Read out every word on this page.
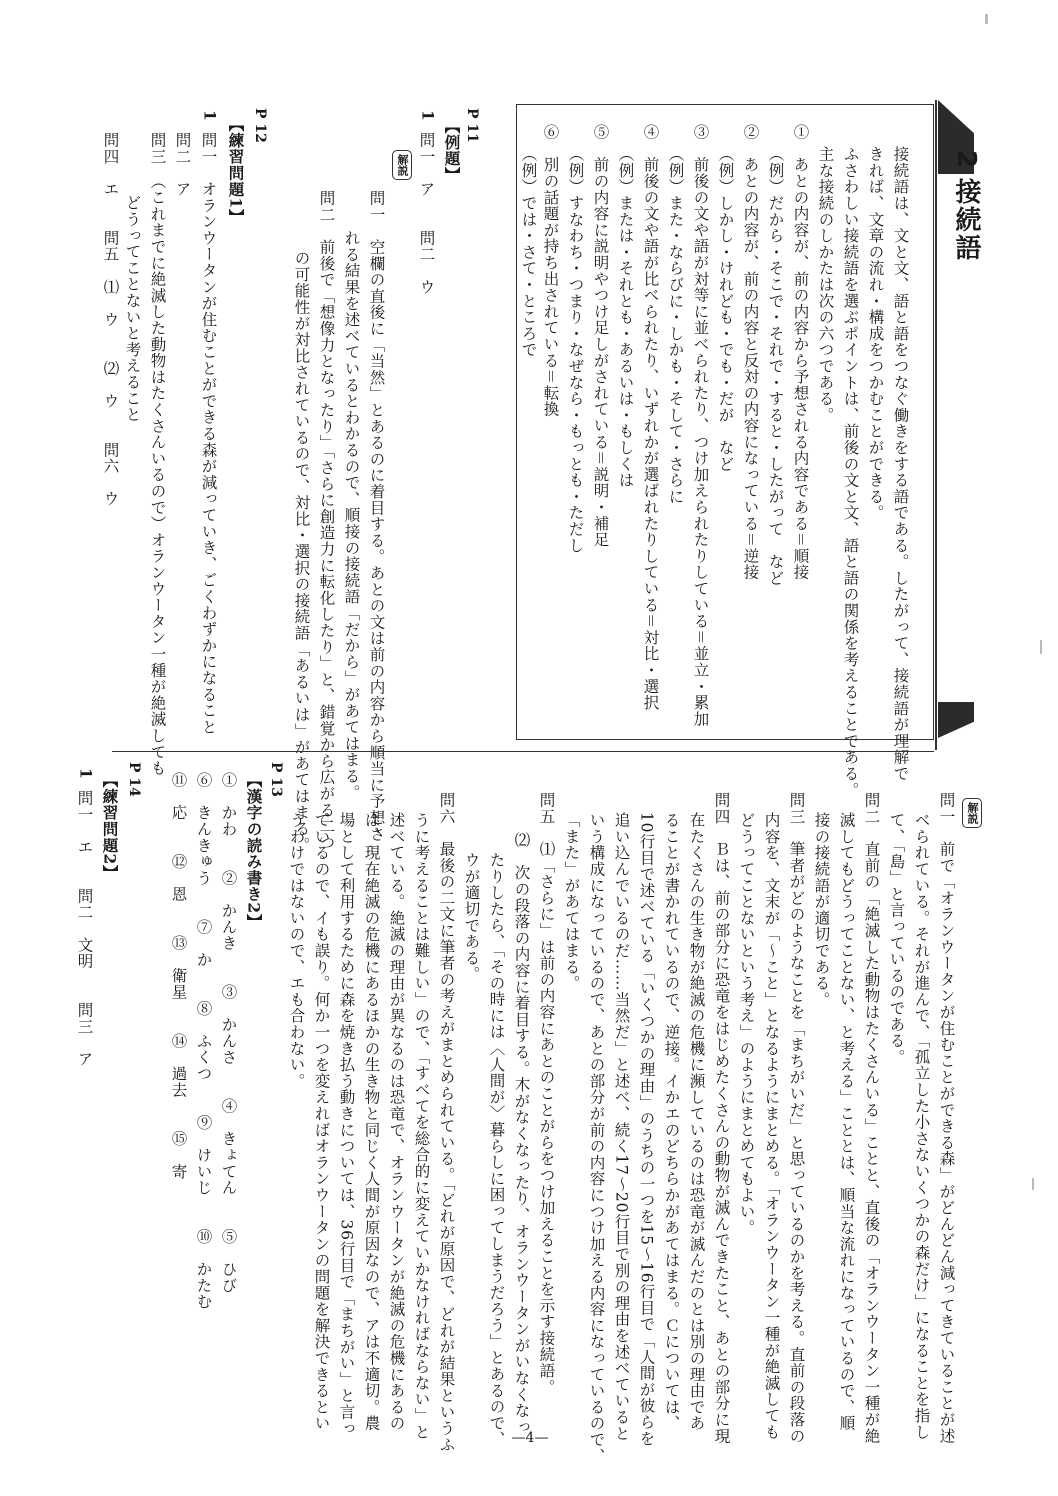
2接続語
接続語は、文と文、語と語をつなぐ働きをする語である。したがって、接続語が理解で
きれば、文章の流れ・構成をつかむことができる。
ふさわしい接続語を選ぶポイントは、前後の文と文、語と語の関係を考えることである。
主な接続のしかたは次の六つである。
①　あとの内容が、前の内容から予想される内容である＝順接
（例）だから・そこで・それで・すると・したがって　など
②　あとの内容が、前の内容と反対の内容になっている＝逆接
（例）しかし・けれども・でも・だが　など
③　前後の文や語が対等に並べられたり、つけ加えられたりしている＝並立・累加
（例）また・ならびに・しかも・そして・さらに
④　前後の文や語が比べられたり、いずれかが選ばれたりしている＝対比・選択
（例）または・それとも・あるいは・もしくは
⑤　前の内容に説明やつけ足しがされている＝説明・補足
（例）すなわち・つまり・なぜなら・もっとも・ただし
⑥　別の話題が持ち出されている＝転換
（例）では・さて・ところで
P 11
【例題】
1
問一　ア　　問二　ウ
解説
問一　空欄の直後に「当然」とあるのに着目する。あとの文は前の内容から順当に予想さ
れる結果を述べているとわかるので、順接の接続語「だから」があてはまる。
問二　前後で「想像力となったり」「さらに創造力に転化したり」と、錯覚から広がる二つ
の可能性が対比されているので、対比・選択の接続語「あるいは」があてはまる。
P 12
【練習問題1】
1
問一　オランウータンが住むことができる森が減っていき、ごくわずかになること
問二　ア
問三　（これまでに絶滅した動物はたくさんいるので）オランウータン一種が絶滅しても
　　どうってことないと考えること
問四　エ　　問五　⑴　ウ　　⑵　ウ　　問六　ウ
解説
問一　前で「オランウータンが住むことができる森」がどんどん減ってきていることが述
べられている。それが進んで、「孤立した小さないくつかの森だけ」になることを指し
て、「島」と言っているのである。
問二　直前の「絶滅した動物はたくさんいる」ことと、直後の「オランウータン一種が絶
滅してもどうってことない、と考える」こととは、順当な流れになっているので、順
接の接続語が適切である。
問三　筆者がどのようなことを「まちがいだ」と思っているのかを考える。直前の段落の
内容を、文末が「〜こと」となるようにまとめる。「オランウータン一種が絶滅しても
どうってことないという考え」のようにまとめてもよい。
問四　Ｂは、前の部分に恐竜をはじめたくさんの動物が滅んできたこと、あとの部分に現
在たくさんの生き物が絶滅の危機に瀕しているのは恐竜が滅んだのとは別の理由であ
ることが書かれているので、逆接。イかエのどちらかがあてはまる。Ｃについては、
10行目で述べている「いくつかの理由」のうちの一つを15〜16行目で「人間が彼らを
追い込んでいるのだ……当然だ」と述べ、続く17〜20行目で別の理由を述べていると
いう構成になっているので、あとの部分が前の内容につけ加える内容になっているので、
「また」があてはまる。
問五　⑴「さらに」は前の内容にあとのことがらをつけ加えることを示す接続語。
⑵　次の段落の内容に着目する。木がなくなったり、オランウータンがいなくなっ
たりしたら、「その時には〈人間が〉暮らしに困ってしまうだろう」とあるので、
ウが適切である。
問六　最後の二文に筆者の考えがまとめられている。「どれが原因で、どれが結果というふ
うに考えることは難しい」ので、「すべてを総合的に変えていかなければならない」と
述べている。絶滅の理由が異なるのは恐竜で、オランウータンが絶滅の危機にあるの
は、現在絶滅の危機にあるほかの生き物と同じく人間が原因なので、アは不適切。農
場として利用するために森を焼き払う動きについては、36行目で「まちがい」と言っ
ているので、イも誤り。何か一つを変えればオランウータンの問題を解決できるとい
うわけではないので、エも合わない。
P 13
【漢字の読み書き2】
①　かわ　　②　かんき　　③　かんさ　　④　きょてん　　⑤　ひび
⑥　きんきゅう　　⑦　か　　⑧　ふくつ　　⑨　けいじ　　⑩　かたむ
⑪　応　　⑫　恩　　⑬　衛星　　⑭　過去　　⑮　寄
P 14
【練習問題2】
1
問一　エ　　問二　文明　　問三　ア
—4—
